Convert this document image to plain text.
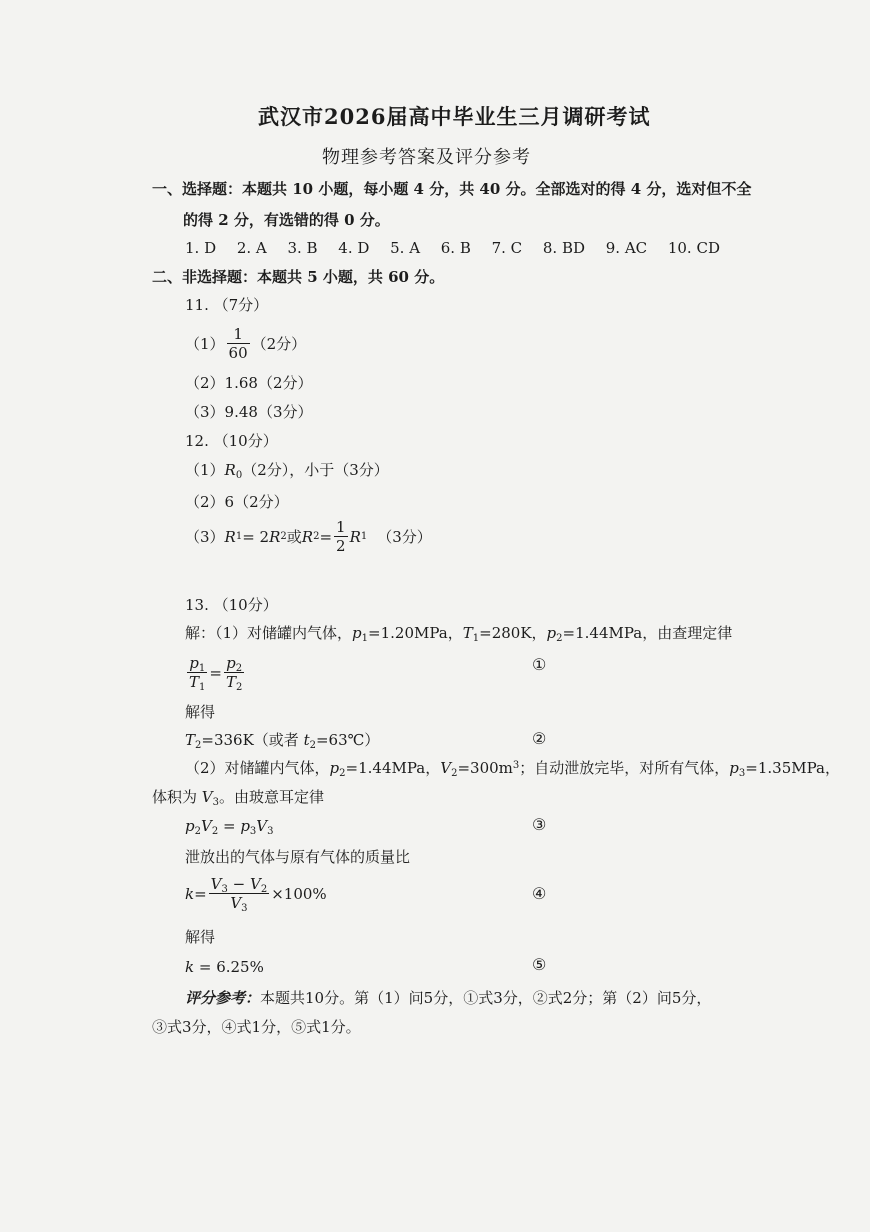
武汉市2026届高中毕业生三月调研考试
物理参考答案及评分参考
一、选择题：本题共 10 小题，每小题 4 分，共 40 分。全部选对的得 4 分，选对但不全
的得 2 分，有选错的得 0 分。
1. D 2. A 3. B 4. D 5. A 6. B 7. C 8. BD 9. AC 10. CD
二、非选择题：本题共 5 小题，共 60 分。
11. （7分）
$(1) \frac{1}{60} (2$分）
（2）1.68（2分）
（3）9.48（3分）
12. （10分）
$(1)R_0(2$分），小于（3分）
（2）6（2分）
（3） R 1 = 2 R 2 或 R $2 = \frac{1}{2}$ R 1 （3分）
13. （10分）
解：（1）对储罐内气体，$p_1=1.20MPa$，$T_1=280K$，$p_2=1.44MPa$，由查理定律
$\frac{p_1}{T_1} = \frac{p_2}{T_2}$	①
解得
$T_2=336K$（或者 $t_2=63℃$）	②
（2）对储罐内气体，$p_2=1.44MPa$，$V_2=300m^3$；自动泄放完毕，对所有气体，$p_3=1.35MPa$，
体积为 $V_3$。由玻意耳定律
$p_2V_2 = p_3V_3$	③
泄放出的气体与原有气体的质量比
$k = \frac{V_3 - V_2}{V_3} \times 100\%$	④
解得
k = 6.25%	⑤
评分参考：本题共10分。第（1）问5分，①式3分，②式2分；第（2）问5分，
③式3分，④式1分，⑤式1分。
